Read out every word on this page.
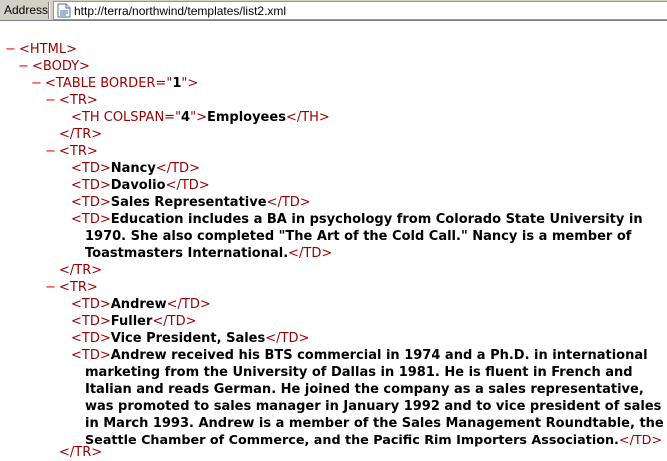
Address http://terra/northwind/templates/list2.xml
− <HTML>
− <BODY>
− <TABLE BORDER="1">
− <TR>
<TH COLSPAN="4">Employees</TH>
</TR>
− <TR>
<TD>Nancy</TD>
<TD>Davolio</TD>
<TD>Sales Representative</TD>
<TD>Education includes a BA in psychology from Colorado State University in
1970. She also completed "The Art of the Cold Call." Nancy is a member of
Toastmasters International.</TD>
</TR>
− <TR>
<TD>Andrew</TD>
<TD>Fuller</TD>
<TD>Vice President, Sales</TD>
<TD>Andrew received his BTS commercial in 1974 and a Ph.D. in international
marketing from the University of Dallas in 1981. He is fluent in French and
Italian and reads German. He joined the company as a sales representative,
was promoted to sales manager in January 1992 and to vice president of sales
in March 1993. Andrew is a member of the Sales Management Roundtable, the
Seattle Chamber of Commerce, and the Pacific Rim Importers Association.</TD>
</TR>
